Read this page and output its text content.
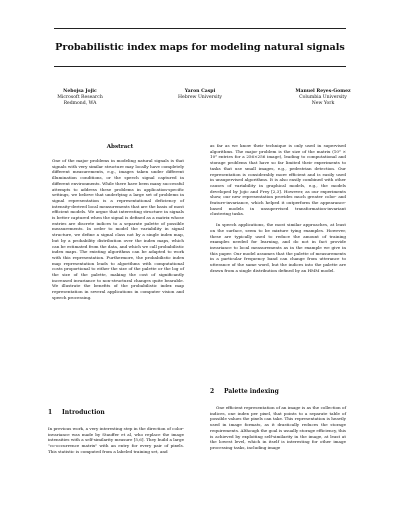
Probabilistic index maps for modeling natural signals
Nebojsa Jojic
Microsoft Research
Redmond, WA
Yaron Caspi
Hebrew University
Manuel Reyes-Gomez
Columbia University
New York
Abstract
One of the major problems in modeling natural signals is that signals with very similar structure may locally have completely different measurements, e.g., images taken under different illumination conditions, or the speech signal captured in different environments. While there have been many successful attempts to address these problems in application-specific settings, we believe that underlying a large set of problems in signal representation is a representational deficiency of intensity-derived local measurements that are the basis of most efficient models. We argue that interesting structure in signals is better captured when the signal is defined as a matrix whose entries are discrete indices to a separate palette of possible measurements. In order to model the variability in signal structure, we define a signal class not by a single index map, but by a probability distribution over the index maps, which can be estimated from the data, and which we call probabilistic index maps. The existing algorithms can be adapted to work with this representation. Furthermore, the probabilistic index map representation leads to algorithms with computational costs proportional to either the size of the palette or the log of the size of the palette, making the cost of significantly increased invariance to non-structural changes quite bearable. We illustrate the benefits of the probabilistic index map representation in several applications in computer vision and speech processing.
1 Introduction

In previous work, a very interesting step in the direction of color-invariance was made by Stauffer et al, who replace the image intensities with a self-similarity measure [5,6]. They build a large "co-occurrence matrix" with an entry for every pair of pixels. This statistic is computed from a labeled training set, and

as far as we know their technique is only used in supervised algorithms. The major problem is the size of the matrix (10⁵ × 10⁵ entries for a 256×256 image), leading to computational and storage problems that have so far limited their experiments to tasks that use small images, e.g., pedestrian detection. Our representation is considerably more efficient and is easily used in unsupervised algorithms. It is also easily combined with other causes of variability in graphical models, e.g., the models developed by Jojic and Frey [2,3]. However, as our experiments show, our new representation provides much greater color- and feature-invariance, which helped it outperform the appearance-based models in unsupervised transformation-invariant clustering tasks.

In speech applications, the most similar approaches, at least on the surface, seem to be mixture tying examples. However, these are typically used to reduce the amount of training examples needed for learning, and do not in fact provide invariance to local measurements as in the example we give in this paper. Our model assumes that the palette of measurements in a particular frequency band can change from utterance to utterance of the same word, but the indices into the palette are drawn from a single distribution defined by an HMM model.

2 Palette indexing

One efficient representation of an image is as the collection of indices, one index per pixel, that points to a separate table of possible values the pixels can take. This representation is heavily used in image formats, as it drastically reduces the storage requirements. Although the goal is usually storage efficiency, this is achieved by exploiting self-similarity in the image, at least at the lowest level, which in itself is interesting for other image processing tasks, including image
